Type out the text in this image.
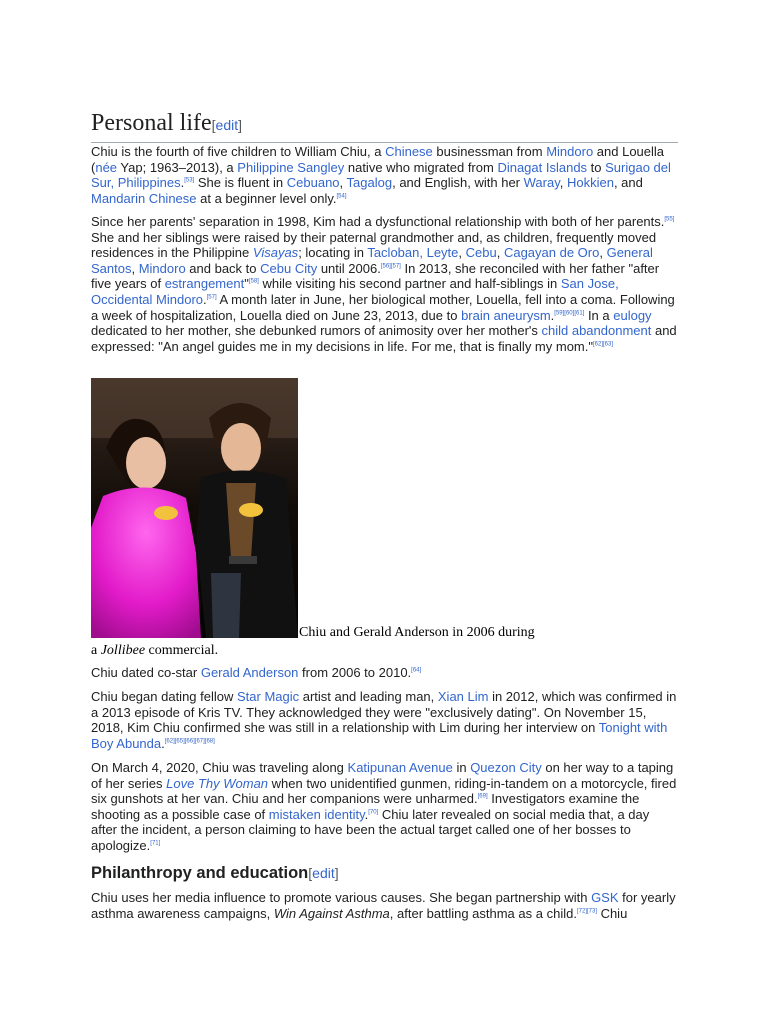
Personal life[edit]

Chiu is the fourth of five children to William Chiu, a Chinese businessman from Mindoro and Louella (née Yap; 1963–2013), a Philippine Sangley native who migrated from Dinagat Islands to Surigao del Sur, Philippines.[53] She is fluent in Cebuano, Tagalog, and English, with her Waray, Hokkien, and Mandarin Chinese at a beginner level only.[54]

Since her parents' separation in 1998, Kim had a dysfunctional relationship with both of her parents.[55] She and her siblings were raised by their paternal grandmother and, as children, frequently moved residences in the Philippine Visayas; locating in Tacloban, Leyte, Cebu, Cagayan de Oro, General Santos, Mindoro and back to Cebu City until 2006.[56][57] In 2013, she reconciled with her father "after five years of estrangement"[58] while visiting his second partner and half-siblings in San Jose, Occidental Mindoro.[57] A month later in June, her biological mother, Louella, fell into a coma. Following a week of hospitalization, Louella died on June 23, 2013, due to brain aneurysm.[59][60][61] In a eulogy dedicated to her mother, she debunked rumors of animosity over her mother's child abandonment and expressed: "An angel guides me in my decisions in life. For me, that is finally my mom."[62][63]

Chiu and Gerald Anderson in 2006 during
a Jollibee commercial.

Chiu dated co-star Gerald Anderson from 2006 to 2010.[64]

Chiu began dating fellow Star Magic artist and leading man, Xian Lim in 2012, which was confirmed in a 2013 episode of Kris TV. They acknowledged they were "exclusively dating". On November 15, 2018, Kim Chiu confirmed she was still in a relationship with Lim during her interview on Tonight with Boy Abunda.[62][65][66][67][68]

On March 4, 2020, Chiu was traveling along Katipunan Avenue in Quezon City on her way to a taping of her series Love Thy Woman when two unidentified gunmen, riding-in-tandem on a motorcycle, fired six gunshots at her van. Chiu and her companions were unharmed.[69] Investigators examine the shooting as a possible case of mistaken identity.[70] Chiu later revealed on social media that, a day after the incident, a person claiming to have been the actual target called one of her bosses to apologize.[71]

Philanthropy and education[edit]

Chiu uses her media influence to promote various causes. She began partnership with GSK for yearly asthma awareness campaigns, Win Against Asthma, after battling asthma as a child.[72][73] Chiu
